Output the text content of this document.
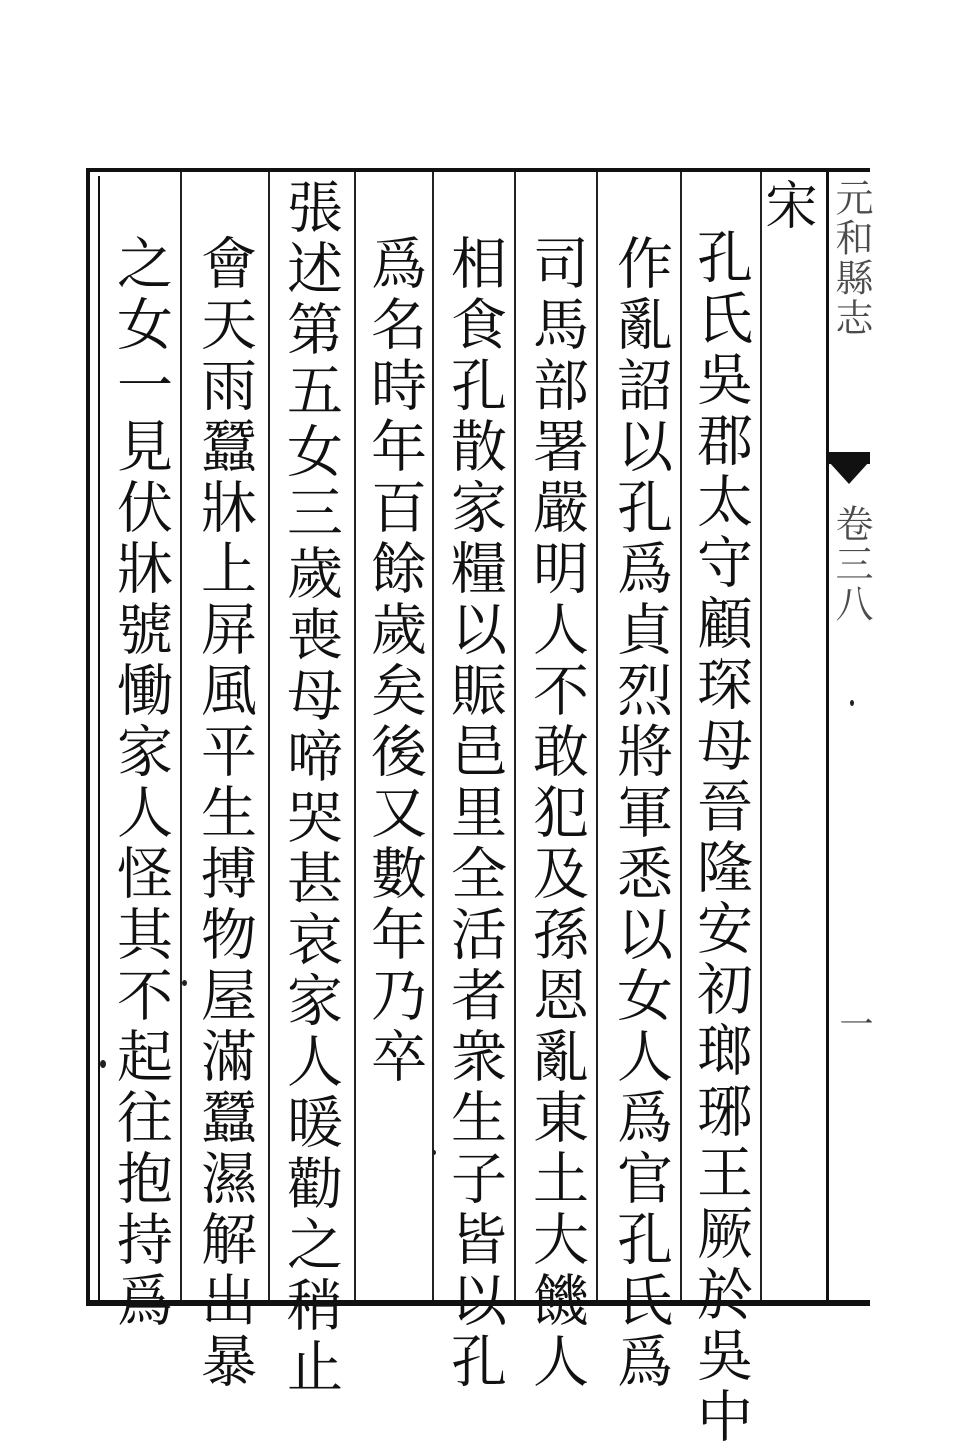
元和縣志
卷三八
一
宋
孔氏吳郡太守顧琛母晉隆安初瑯琊王厥於吳中
作亂詔以孔爲貞烈將軍悉以女人爲官孔氏爲
司馬部署嚴明人不敢犯及孫恩亂東土大饑人
相食孔散家糧以賑邑里全活者衆生子皆以孔
爲名時年百餘歲矣後又數年乃卒
張述第五女三歲喪母啼哭甚哀家人暖勸之稍止
會天雨蠶牀上屏風平生搏物屋滿蠶濕解出暴
之女一見伏牀號慟家人怪其不起往抱持爲
